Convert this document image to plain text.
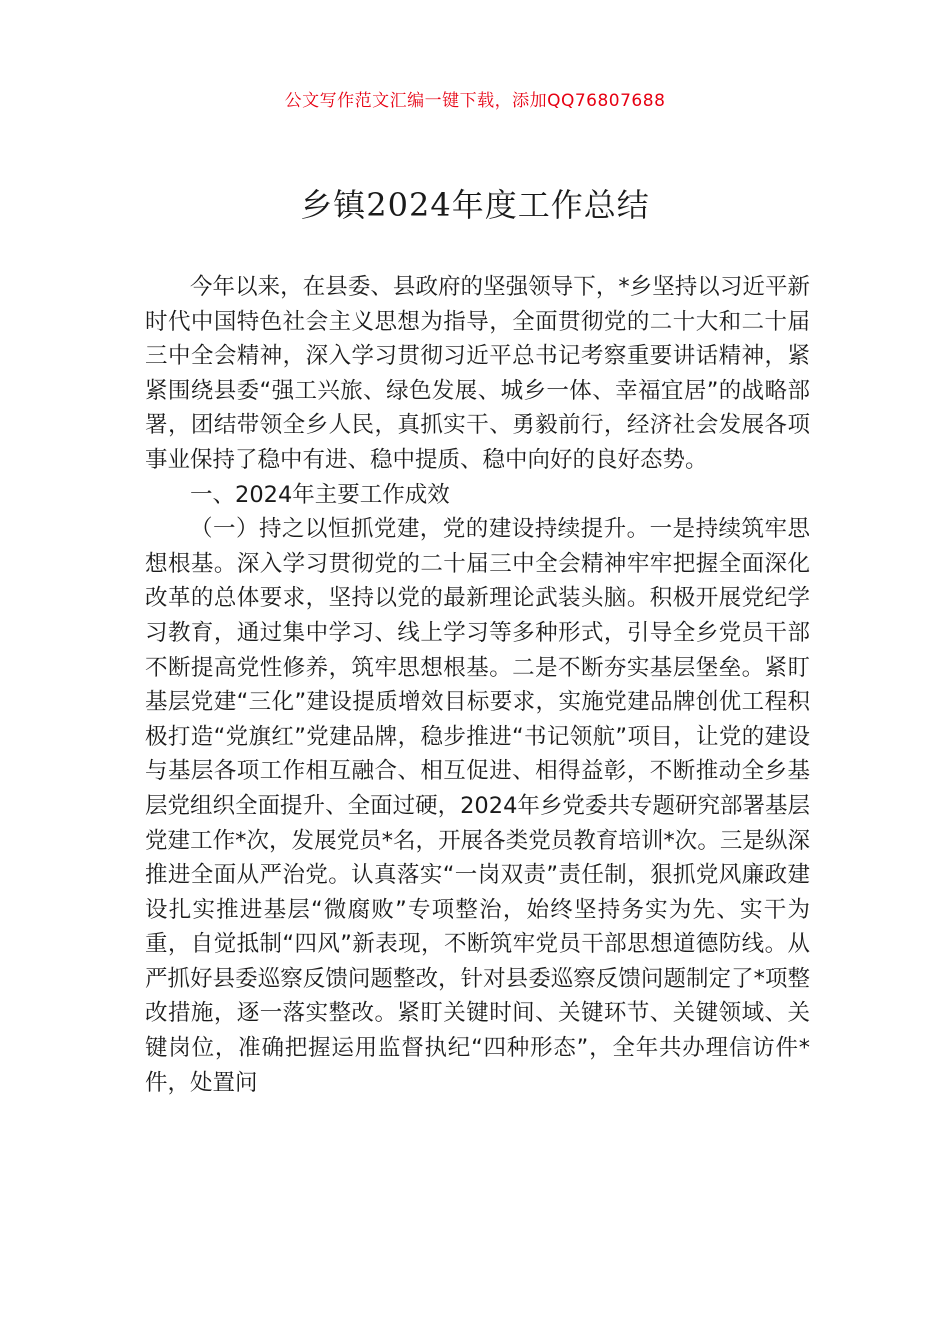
公文写作范文汇编一键下载，添加QQ76807688
乡镇2024年度工作总结

今年以来，在县委、县政府的坚强领导下，*乡坚持以习近平新时代中国特色社会主义思想为指导，全面贯彻党的二十大和二十届三中全会精神，深入学习贯彻习近平总书记考察重要讲话精神，紧紧围绕县委“强工兴旅、绿色发展、城乡一体、幸福宜居”的战略部署，团结带领全乡人民，真抓实干、勇毅前行，经济社会发展各项事业保持了稳中有进、稳中提质、稳中向好的良好态势。

一、2024年主要工作成效

（一）持之以恒抓党建，党的建设持续提升。一是持续筑牢思想根基。深入学习贯彻党的二十届三中全会精神牢牢把握全面深化改革的总体要求，坚持以党的最新理论武装头脑。积极开展党纪学习教育，通过集中学习、线上学习等多种形式，引导全乡党员干部不断提高党性修养，筑牢思想根基。二是不断夯实基层堡垒。紧盯基层党建“三化”建设提质增效目标要求，实施党建品牌创优工程积极打造“党旗红”党建品牌，稳步推进“书记领航”项目，让党的建设与基层各项工作相互融合、相互促进、相得益彰，不断推动全乡基层党组织全面提升、全面过硬，2024年乡党委共专题研究部署基层党建工作*次，发展党员*名，开展各类党员教育培训*次。三是纵深推进全面从严治党。认真落实“一岗双责”责任制，狠抓党风廉政建设扎实推进基层“微腐败”专项整治，始终坚持务实为先、实干为重，自觉抵制“四风”新表现，不断筑牢党员干部思想道德防线。从严抓好县委巡察反馈问题整改，针对县委巡察反馈问题制定了*项整改措施，逐一落实整改。紧盯关键时间、关键环节、关键领域、关键岗位，准确把握运用监督执纪“四种形态”，全年共办理信访件*件，处置问
